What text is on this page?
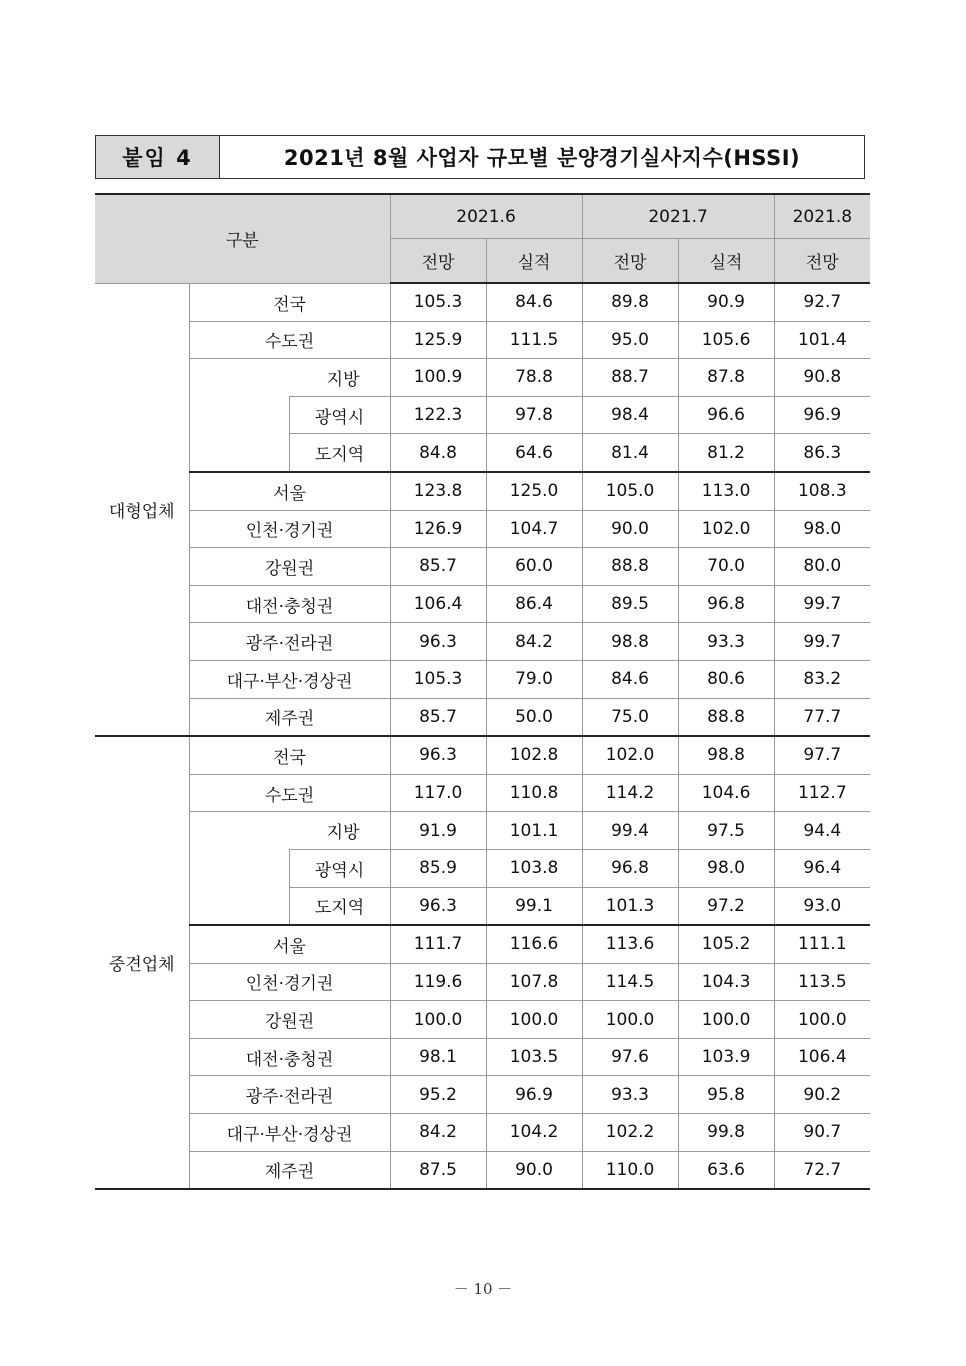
붙임 4	2021년 8월 사업자 규모별 분양경기실사지수(HSSI)
구분			2021.6		2021.7		2021.8
			전망	실적	전망	실적	전망
대형업체	전국		105.3	84.6	89.8	90.9	92.7
	수도권		125.9	111.5	95.0	105.6	101.4
		지방	100.9	78.8	88.7	87.8	90.8
		광역시	122.3	97.8	98.4	96.6	96.9
		도지역	84.8	64.6	81.4	81.2	86.3
	서울		123.8	125.0	105.0	113.0	108.3
	인천·경기권		126.9	104.7	90.0	102.0	98.0
	강원권		85.7	60.0	88.8	70.0	80.0
	대전·충청권		106.4	86.4	89.5	96.8	99.7
	광주·전라권		96.3	84.2	98.8	93.3	99.7
	대구·부산·경상권		105.3	79.0	84.6	80.6	83.2
	제주권		85.7	50.0	75.0	88.8	77.7
중견업체	전국		96.3	102.8	102.0	98.8	97.7
	수도권		117.0	110.8	114.2	104.6	112.7
		지방	91.9	101.1	99.4	97.5	94.4
		광역시	85.9	103.8	96.8	98.0	96.4
		도지역	96.3	99.1	101.3	97.2	93.0
	서울		111.7	116.6	113.6	105.2	111.1
	인천·경기권		119.6	107.8	114.5	104.3	113.5
	강원권		100.0	100.0	100.0	100.0	100.0
	대전·충청권		98.1	103.5	97.6	103.9	106.4
	광주·전라권		95.2	96.9	93.3	95.8	90.2
	대구·부산·경상권		84.2	104.2	102.2	99.8	90.7
	제주권		87.5	90.0	110.0	63.6	72.7
－ 10 －
